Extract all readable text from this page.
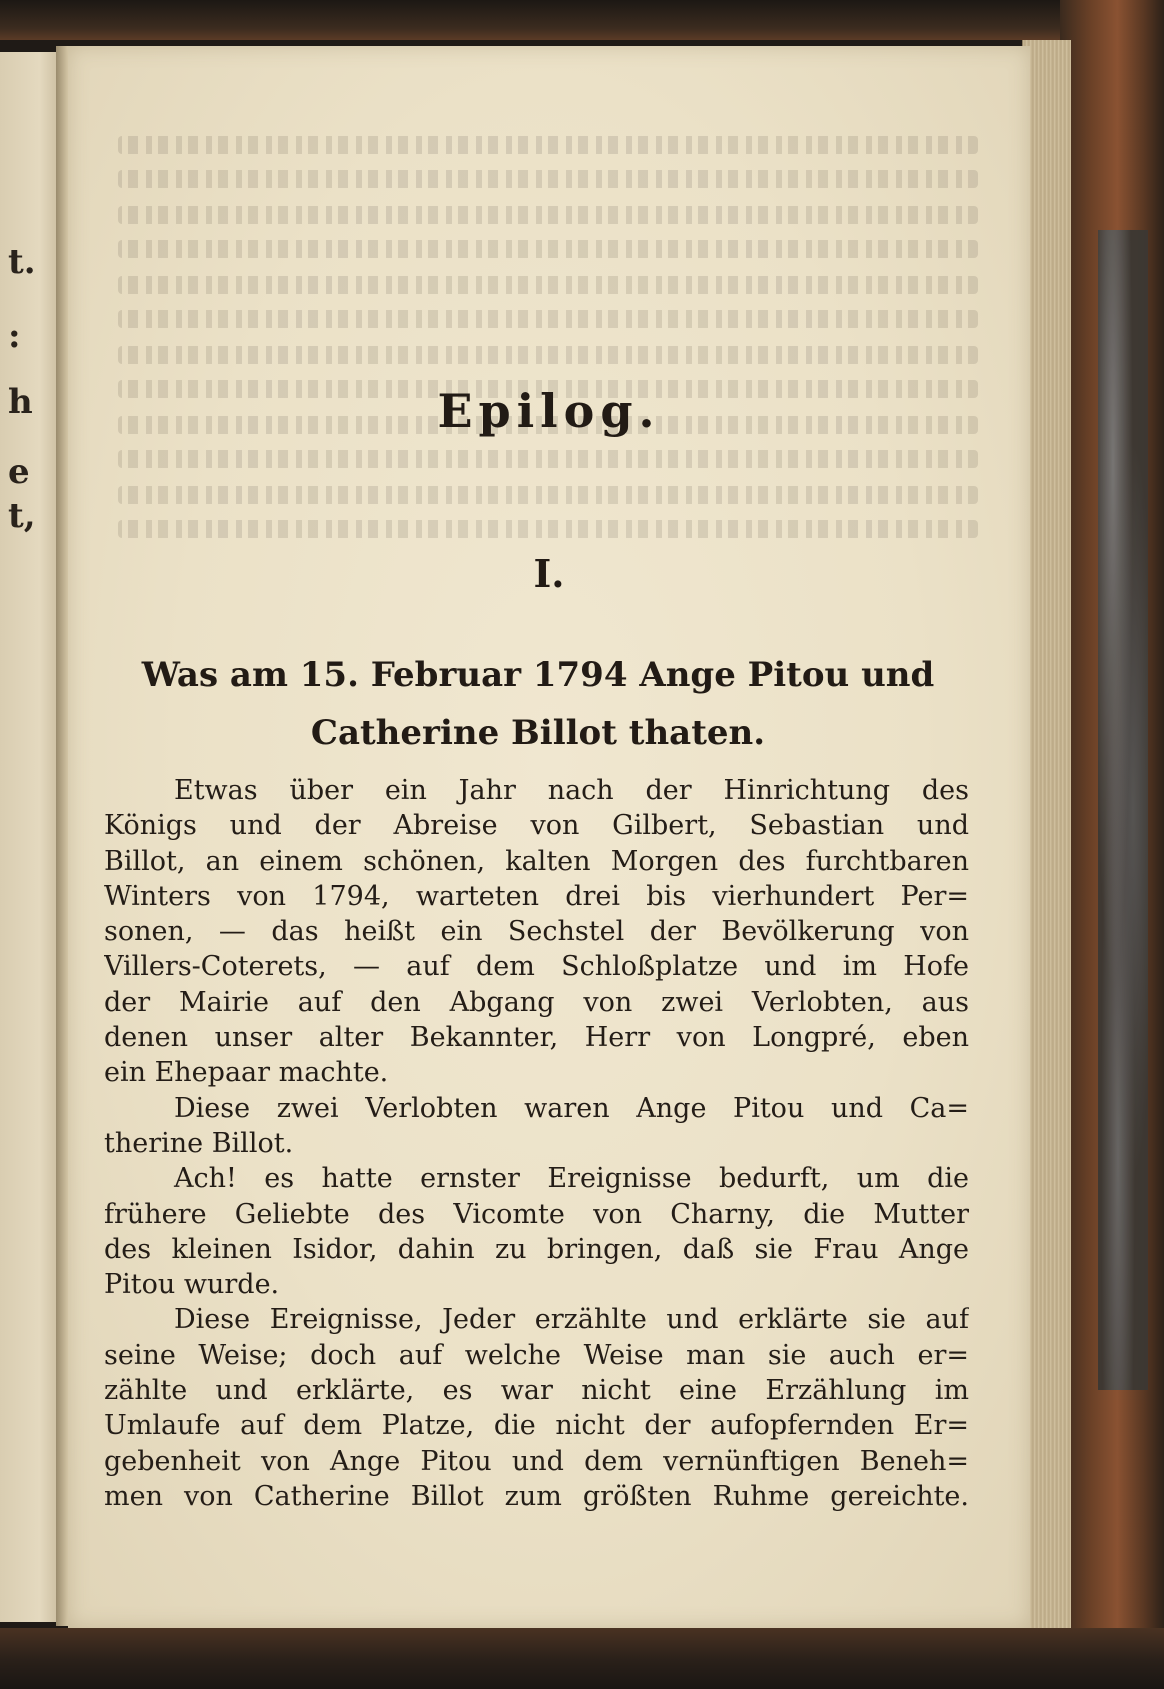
t.
:
h
e
t,
Epilog.
I.
Was am 15. Februar 1794 Ange Pitou und
Catherine Billot thaten.
Etwas über ein Jahr nach der Hinrichtung des
Königs und der Abreise von Gilbert, Sebastian und
Billot, an einem schönen, kalten Morgen des furchtbaren
Winters von 1794, warteten drei bis vierhundert Per=
sonen, — das heißt ein Sechstel der Bevölkerung von
Villers-Coterets, — auf dem Schloßplatze und im Hofe
der Mairie auf den Abgang von zwei Verlobten, aus
denen unser alter Bekannter, Herr von Longpré, eben
ein Ehepaar machte.
Diese zwei Verlobten waren Ange Pitou und Ca=
therine Billot.
Ach! es hatte ernster Ereignisse bedurft, um die
frühere Geliebte des Vicomte von Charny, die Mutter
des kleinen Isidor, dahin zu bringen, daß sie Frau Ange
Pitou wurde.
Diese Ereignisse, Jeder erzählte und erklärte sie auf
seine Weise; doch auf welche Weise man sie auch er=
zählte und erklärte, es war nicht eine Erzählung im
Umlaufe auf dem Platze, die nicht der aufopfernden Er=
gebenheit von Ange Pitou und dem vernünftigen Beneh=
men von Catherine Billot zum größten Ruhme gereichte.
